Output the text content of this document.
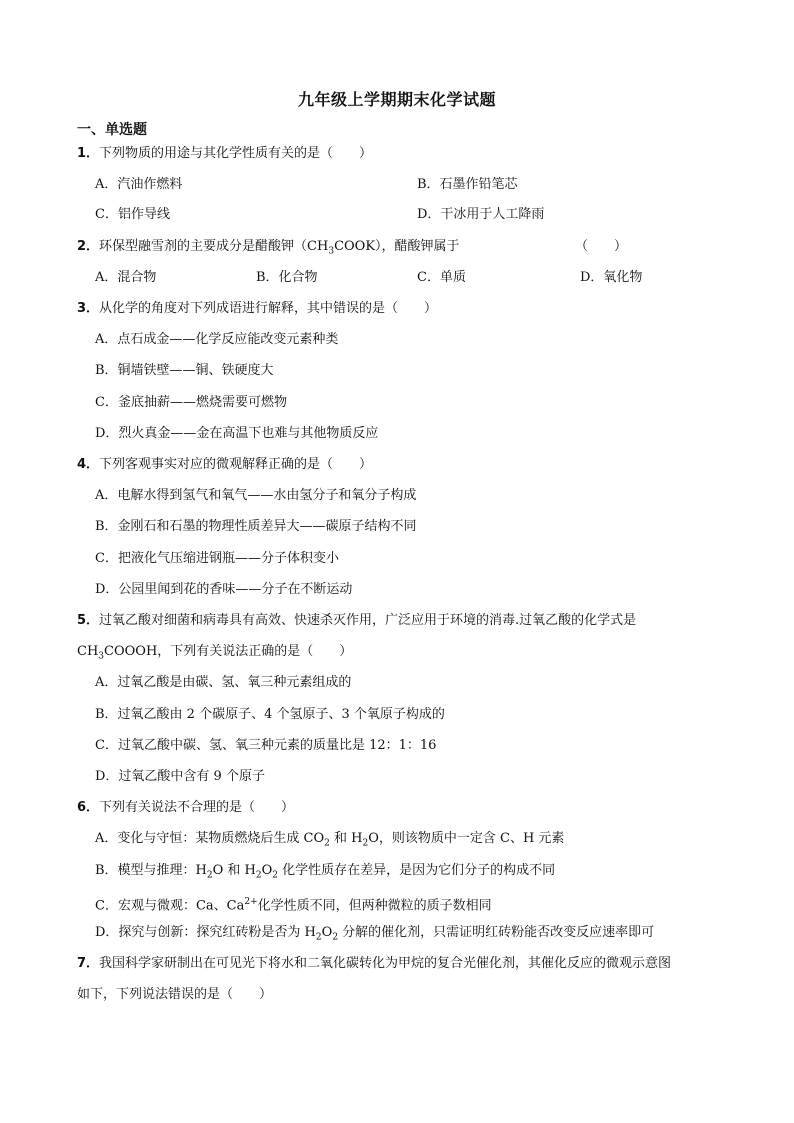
九年级上学期期末化学试题
一、单选题
1．下列物质的用途与其化学性质有关的是（　　）
A．汽油作燃料	B．石墨作铅笔芯
C．铝作导线	D．干冰用于人工降雨
2．环保型融雪剂的主要成分是醋酸钾$(CH_3COOK)$，醋酸钾属于	（　　）
A．混合物	B．化合物	C．单质	D．氧化物
3．从化学的角度对下列成语进行解释，其中错误的是（　　）
A．点石成金——化学反应能改变元素种类
B．铜墙铁壁——铜、铁硬度大
C．釜底抽薪——燃烧需要可燃物
D．烈火真金——金在高温下也难与其他物质反应
4．下列客观事实对应的微观解释正确的是（　　）
A．电解水得到氢气和氧气——水由氢分子和氧分子构成
B．金刚石和石墨的物理性质差异大——碳原子结构不同
C．把液化气压缩进钢瓶——分子体积变小
D．公园里闻到花的香味——分子在不断运动
5．过氧乙酸对细菌和病毒具有高效、快速杀灭作用，广泛应用于环境的消毒.过氧乙酸的化学式是
$CH_3COOOH$，下列有关说法正确的是（　　）
A．过氧乙酸是由碳、氢、氧三种元素组成的
B．过氧乙酸由 2 个碳原子、4 个氢原子、3 个氧原子构成的
C．过氧乙酸中碳、氢、氧三种元素的质量比是 12：1：16
D．过氧乙酸中含有 9 个原子
6．下列有关说法不合理的是（　　）
A．变化与守恒：某物质燃烧后生成 $CO_2$ 和 $H_2O$，则该物质中一定含 C、H 元素
B．模型与推理：$H_2O$ 和 $H_2O_2$ 化学性质存在差异，是因为它们分子的构成不同
C．宏观与微观：Ca、$Ca^{2+}$化学性质不同，但两种微粒的质子数相同
D．探究与创新：探究红砖粉是否为 $H_2O_2$ 分解的催化剂，只需证明红砖粉能否改变反应速率即可
7．我国科学家研制出在可见光下将水和二氧化碳转化为甲烷的复合光催化剂，其催化反应的微观示意图
如下，下列说法错误的是（　　）
